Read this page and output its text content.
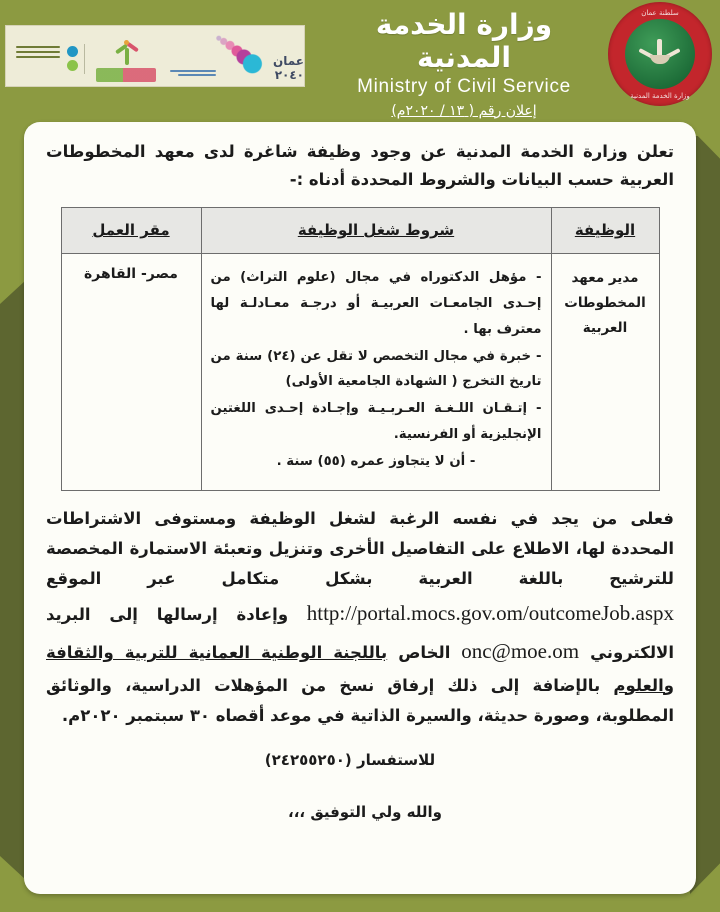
عمان ٢٠٤٠
وزارة الخدمة المدنية
Ministry of Civil Service
إعلان رقم ( ١٣ / ٢٠٢٠م)
سلطنة عمان
وزارة الخدمة المدنية
تعلن وزارة الخدمة المدنية عن وجود وظيفة شاغرة لدى معهد المخطوطات العربية حسب البيانات والشروط المحددة أدناه :-
الوظيفة	شروط شغل الوظيفة	مقر العمل
مدير معهد المخطوطات العربية	- مؤهل الدكتوراه في مجال (علوم التراث) من إحـدى الجامعـات العربيـة أو درجـة معـادلـة لها معترف بها .

- خبرة في مجال التخصص لا تقل عن (٢٤) سنة من تاريخ التخرج ( الشهادة الجامعية الأولى)

- إتـقـان اللـغـة العـربـيـة وإجـادة إحـدى اللغتين الإنجليزية أو الفرنسية.

- أن لا يتجاوز عمره (٥٥) سنة .	مصر- القاهرة
فعلى من يجد في نفسه الرغبة لشغل الوظيفة ومستوفى الاشتراطات المحددة لها، الاطلاع على التفاصيل الأخرى وتنزيل وتعبئة الاستمارة المخصصة للترشيح باللغة العربية بشكل متكامل عبر الموقع http://portal.mocs.gov.om/outcomeJob.aspx وإعادة إرسالها إلى البريد الالكتروني onc@moe.om الخاص باللجنة الوطنية العمانية للتربية والثقافة والعلوم بالإضافة إلى ذلك إرفاق نسخ من المؤهلات الدراسية، والوثائق المطلوبة، وصورة حديثة، والسيرة الذاتية في موعد أقصاه ٣٠ سبتمبر ٢٠٢٠م.
للاستفسار (٢٤٢٥٥٢٥٠)
والله ولي التوفيق ،،،
